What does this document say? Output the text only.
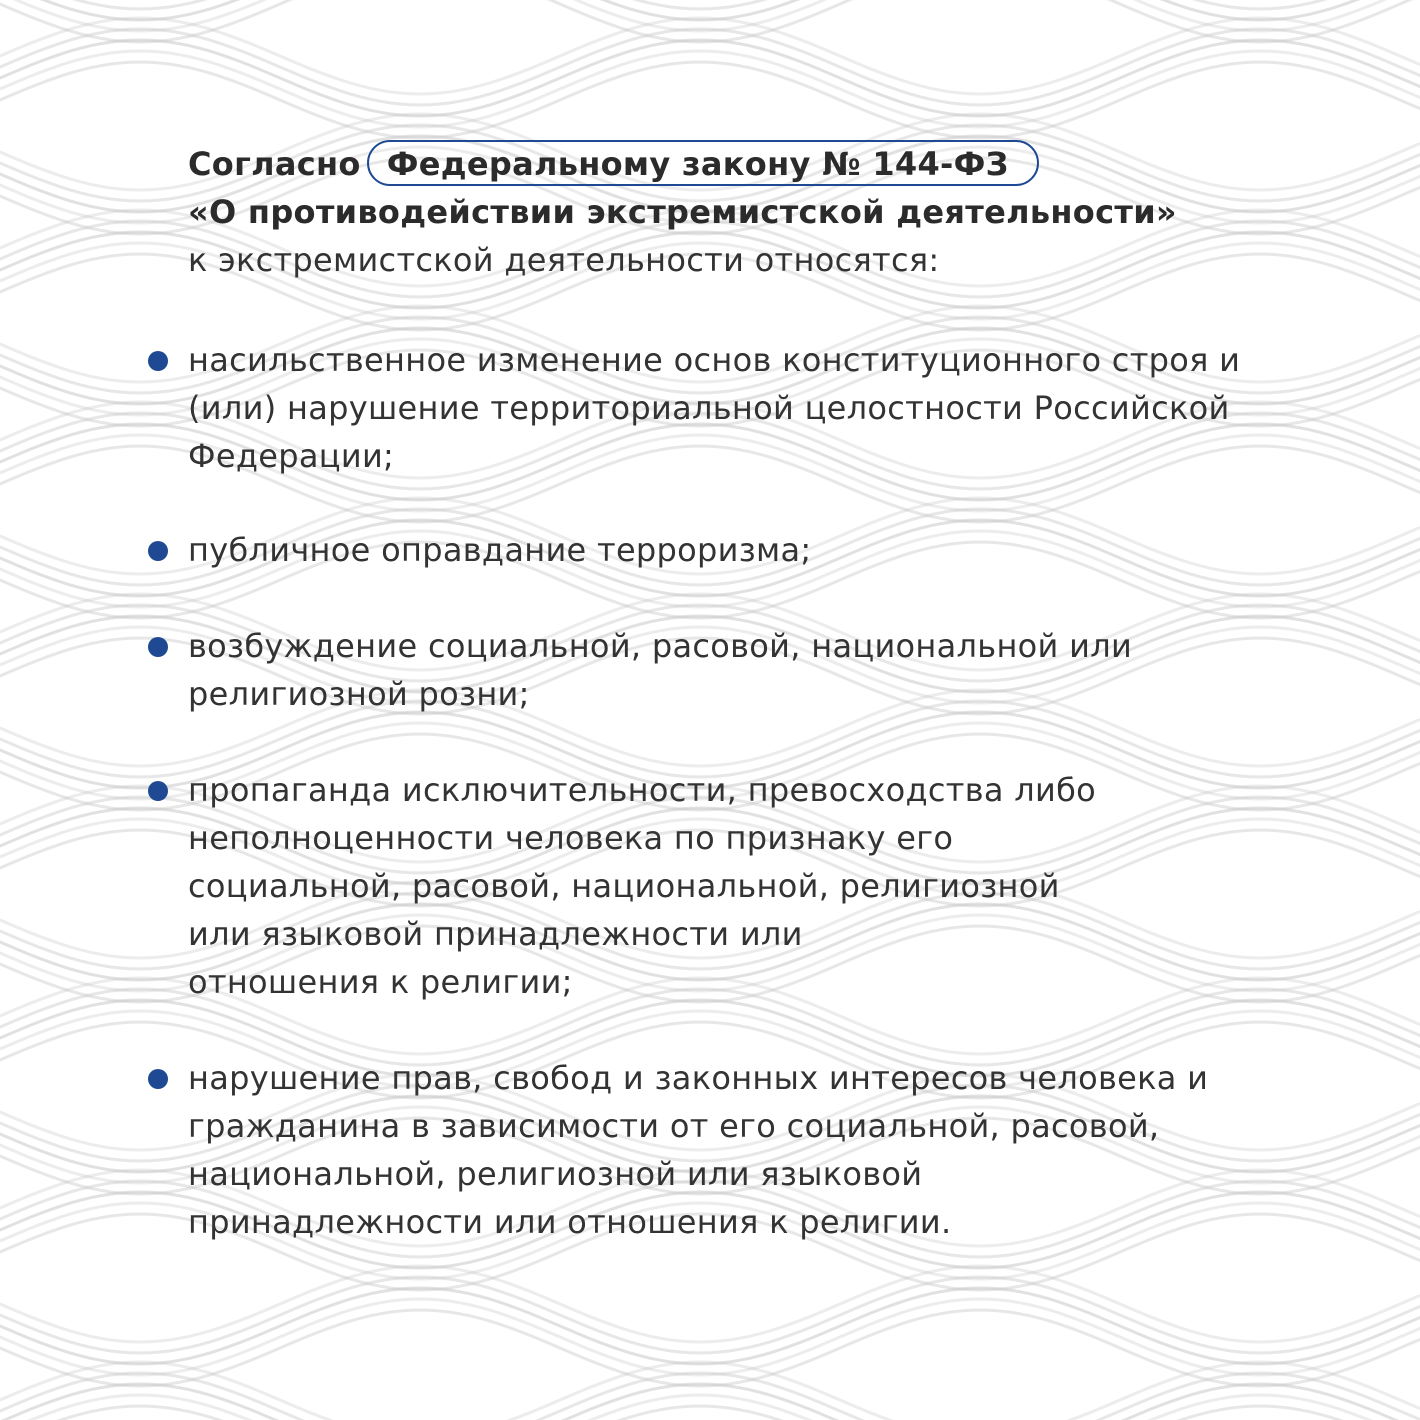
Согласно Федеральному закону № 144-ФЗ
«О противодействии экстремистской деятельности»
к экстремистской деятельности относятся:
насильственное изменение основ конституционного строя и
(или) нарушение территориальной целостности Российской
Федерации;
публичное оправдание терроризма;
возбуждение социальной, расовой, национальной или
религиозной розни;
пропаганда исключительности, превосходства либо
неполноценности человека по признаку его
социальной, расовой, национальной, религиозной
или языковой принадлежности или
отношения к религии;
нарушение прав, свобод и законных интересов человека и
гражданина в зависимости от его социальной, расовой,
национальной, религиозной или языковой
принадлежности или отношения к религии.
